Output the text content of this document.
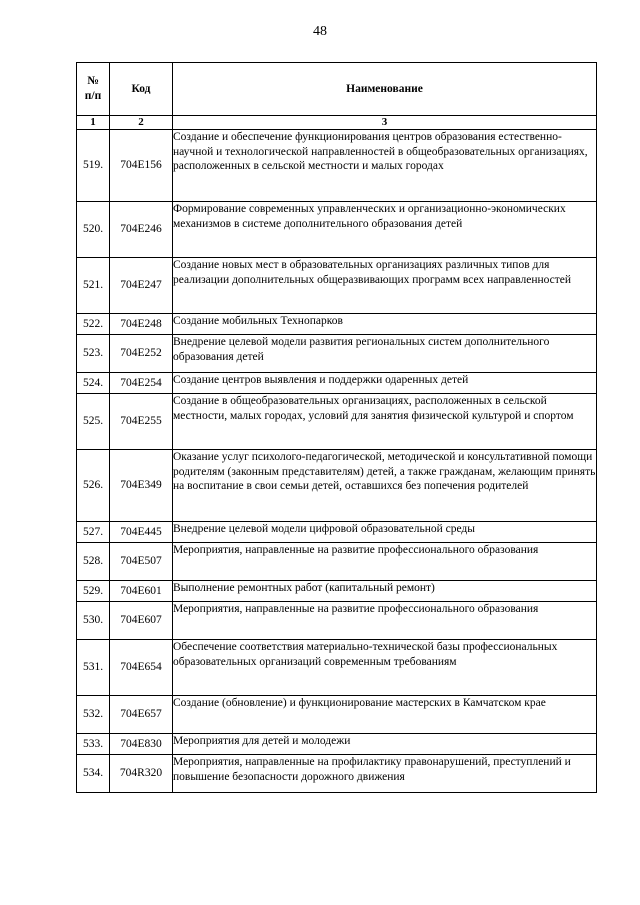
48
№
п/п	Код	Наименование
1	2	3
519.	704E156	Создание и обеспечение функционирования центров образования естественно-научной и технологической направленностей в общеобразовательных организациях, расположенных в сельской местности и малых городах
520.	704E246	Формирование современных управленческих и организационно-экономических механизмов в системе дополнительного образования детей
521.	704E247	Создание новых мест в образовательных организациях различных типов для реализации дополнительных общеразвивающих программ всех направленностей
522.	704E248	Создание мобильных Технопарков
523.	704E252	Внедрение целевой модели развития региональных систем дополнительного образования детей
524.	704E254	Создание центров выявления и поддержки одаренных детей
525.	704E255	Создание в общеобразовательных организациях, расположенных в сельской местности, малых городах, условий для занятия физической культурой и спортом
526.	704E349	Оказание услуг психолого-педагогической, методической и консультативной помощи родителям (законным представителям) детей, а также гражданам, желающим принять на воспитание в свои семьи детей, оставшихся без попечения родителей
527.	704E445	Внедрение целевой модели цифровой образовательной среды
528.	704E507	Мероприятия, направленные на развитие профессионального образования
529.	704E601	Выполнение ремонтных работ (капитальный ремонт)
530.	704E607	Мероприятия, направленные на развитие профессионального образования
531.	704E654	Обеспечение соответствия материально-технической базы профессиональных образовательных организаций современным требованиям
532.	704E657	Создание (обновление) и функционирование мастерских в Камчатском крае
533.	704E830	Мероприятия для детей и молодежи
534.	704R320	Мероприятия, направленные на профилактику правонарушений, преступлений и повышение безопасности дорожного движения
